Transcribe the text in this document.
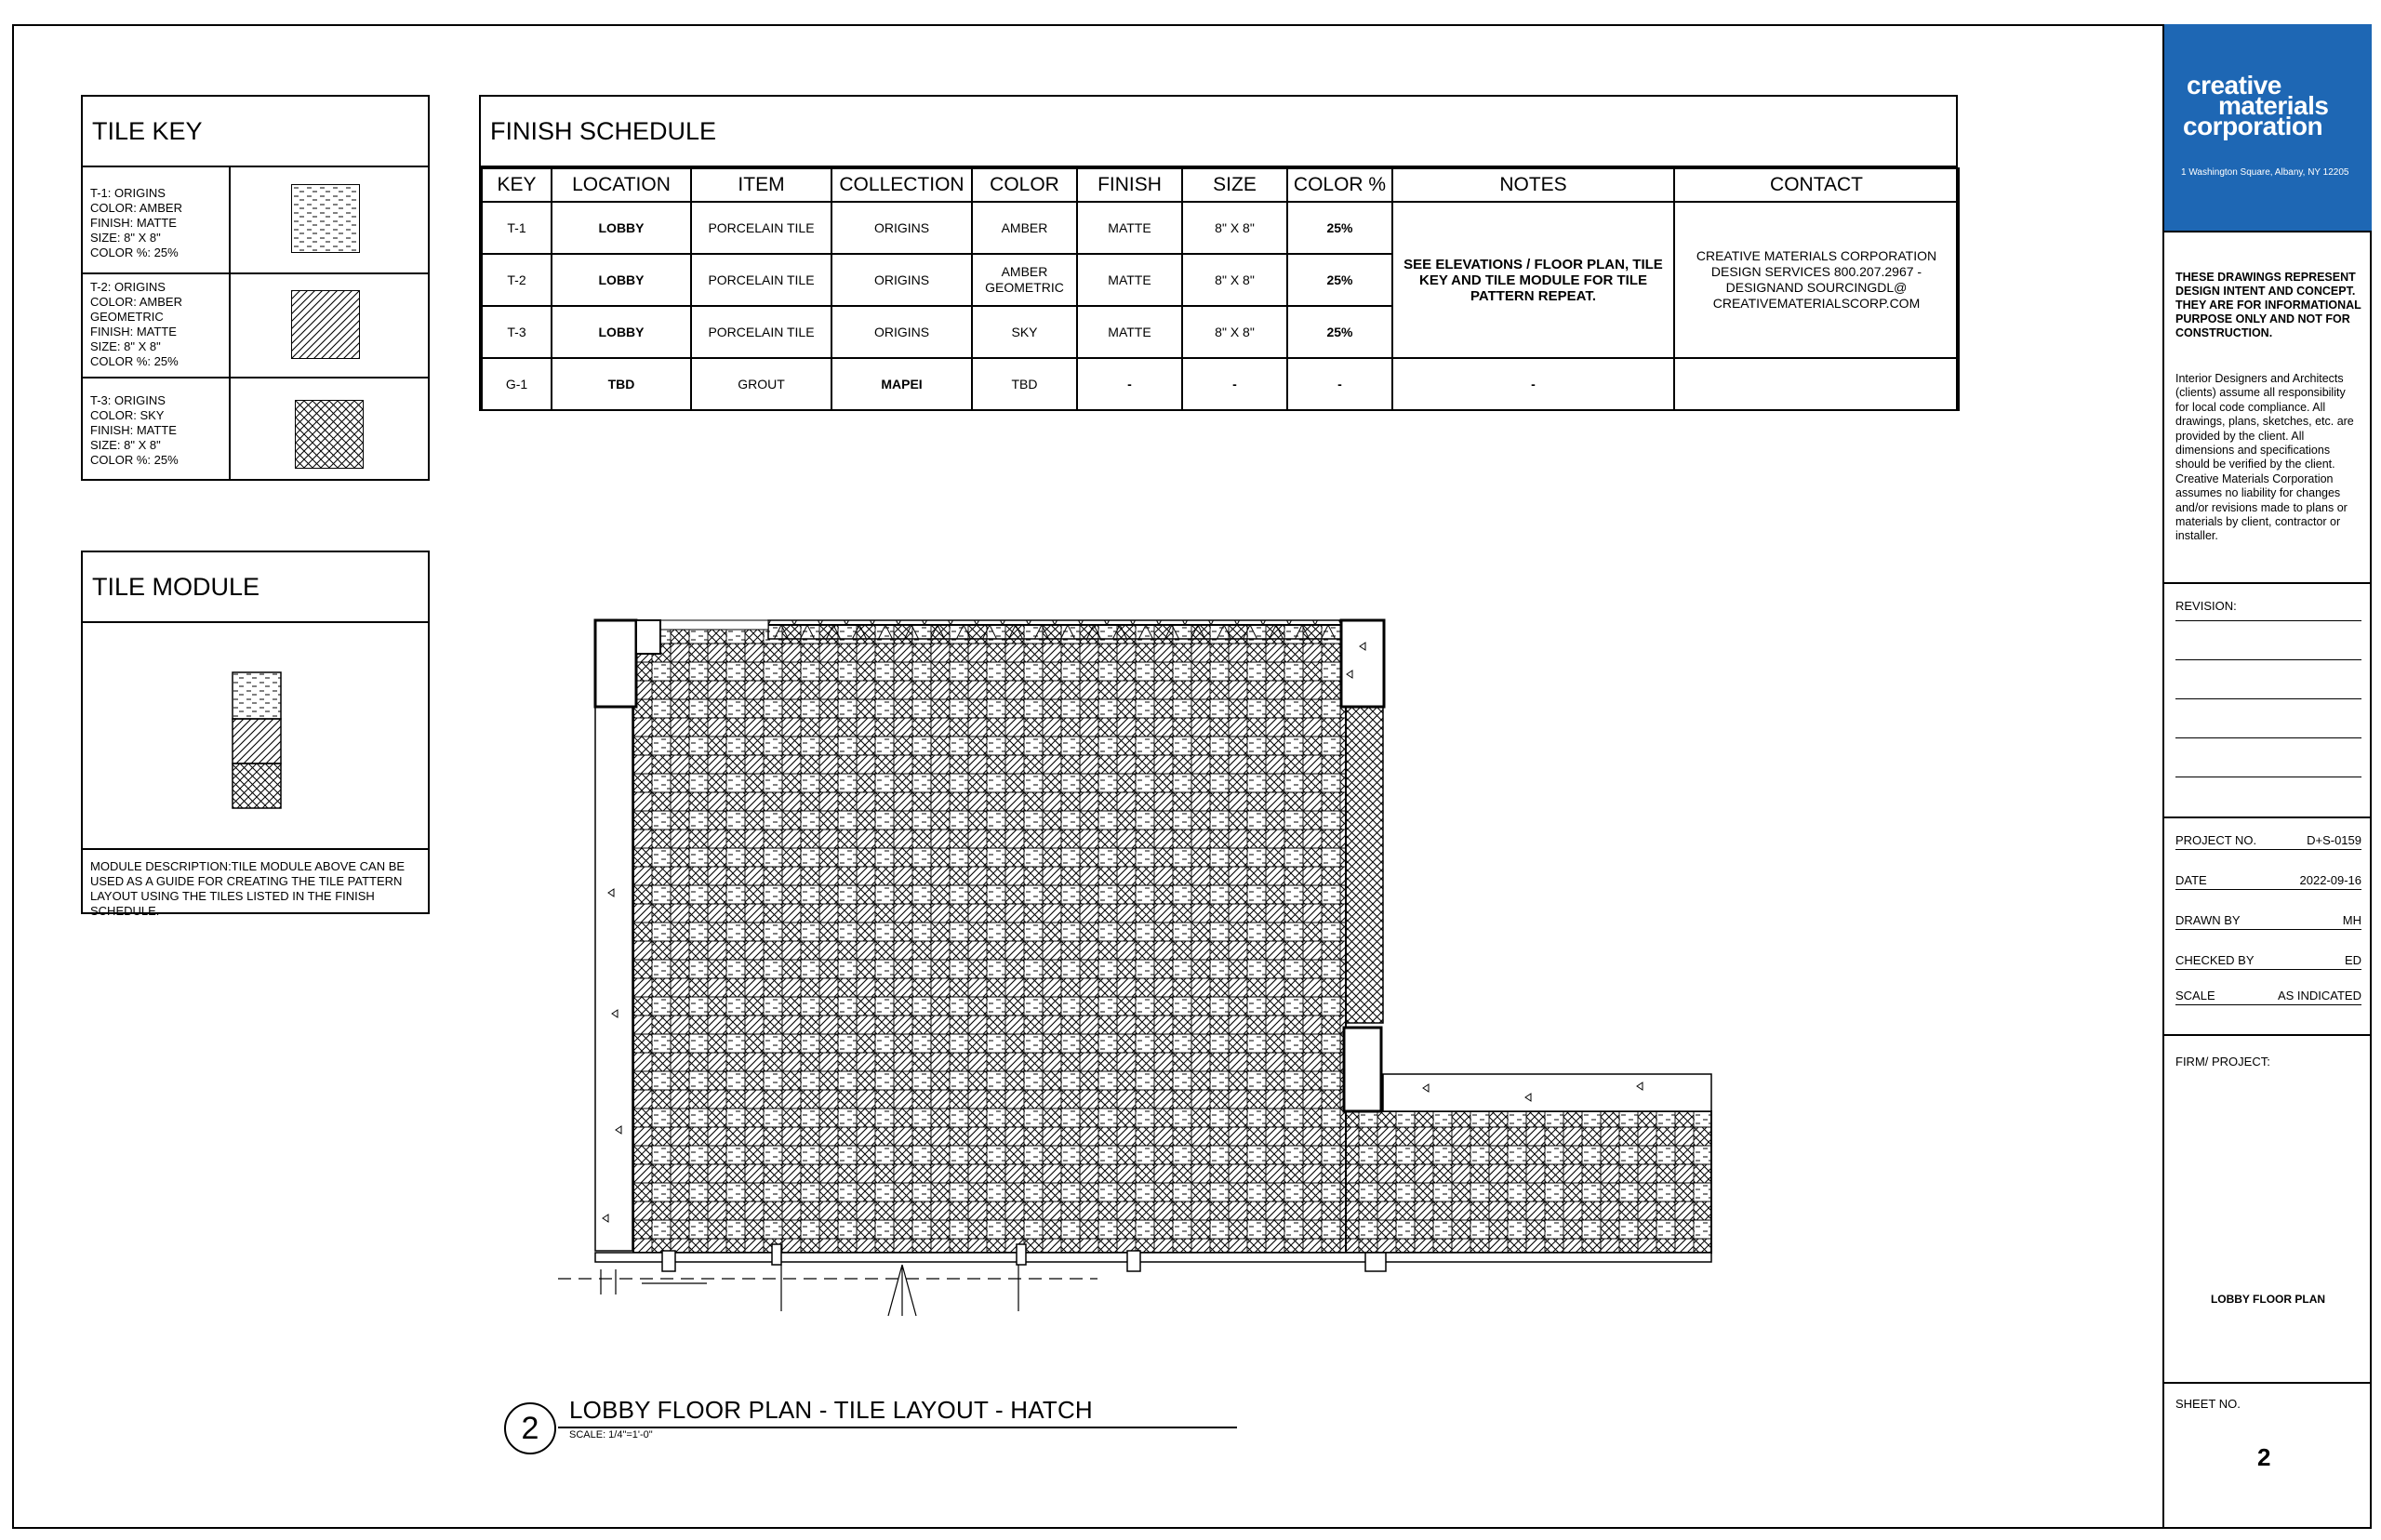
TILE KEY
T-1: ORIGINS
COLOR: AMBER
FINISH: MATTE
SIZE: 8" X 8"
COLOR %: 25%
T-2: ORIGINS
COLOR: AMBER
GEOMETRIC
FINISH: MATTE
SIZE: 8" X 8"
COLOR %: 25%
T-3: ORIGINS
COLOR: SKY
FINISH: MATTE
SIZE: 8" X 8"
COLOR %: 25%
TILE MODULE
MODULE DESCRIPTION:TILE MODULE ABOVE CAN BE USED AS A GUIDE FOR CREATING THE TILE PATTERN LAYOUT USING THE TILES LISTED IN THE FINISH SCHEDULE.
FINISH SCHEDULE
KEY	LOCATION	ITEM	COLLECTION	COLOR	FINISH	SIZE	COLOR %	NOTES	CONTACT
T-1	LOBBY	PORCELAIN TILE	ORIGINS	AMBER	MATTE	8" X 8"	25%	SEE ELEVATIONS / FLOOR PLAN, TILE KEY AND TILE MODULE FOR TILE PATTERN REPEAT.	CREATIVE MATERIALS CORPORATION DESIGN SERVICES 800.207.2967 - DESIGNAND SOURCINGDL@ CREATIVEMATERIALSCORP.COM
T-2	LOBBY	PORCELAIN TILE	ORIGINS	AMBER GEOMETRIC	MATTE	8" X 8"	25%		
T-3	LOBBY	PORCELAIN TILE	ORIGINS	SKY	MATTE	8" X 8"	25%		
G-1	TBD	GROUT	MAPEI	TBD	-	-	-	-	
2
LOBBY FLOOR PLAN - TILE LAYOUT - HATCH
SCALE: 1/4"=1'-0"
creative
materials
corporation
1 Washington Square, Albany, NY 12205
THESE DRAWINGS REPRESENT DESIGN INTENT AND CONCEPT. THEY ARE FOR INFORMATIONAL PURPOSE ONLY AND NOT FOR CONSTRUCTION.
Interior Designers and Architects (clients) assume all responsibility for local code compliance. All drawings, plans, sketches, etc. are provided by the client. All dimensions and specifications should be verified by the client. Creative Materials Corporation assumes no liability for changes and/or revisions made to plans or materials by client, contractor or installer.
REVISION:
PROJECT NO.	D+S-0159
DATE	2022-09-16
DRAWN BY	MH
CHECKED BY	ED
SCALE	AS INDICATED
FIRM/ PROJECT:
LOBBY FLOOR PLAN
SHEET NO.
2
